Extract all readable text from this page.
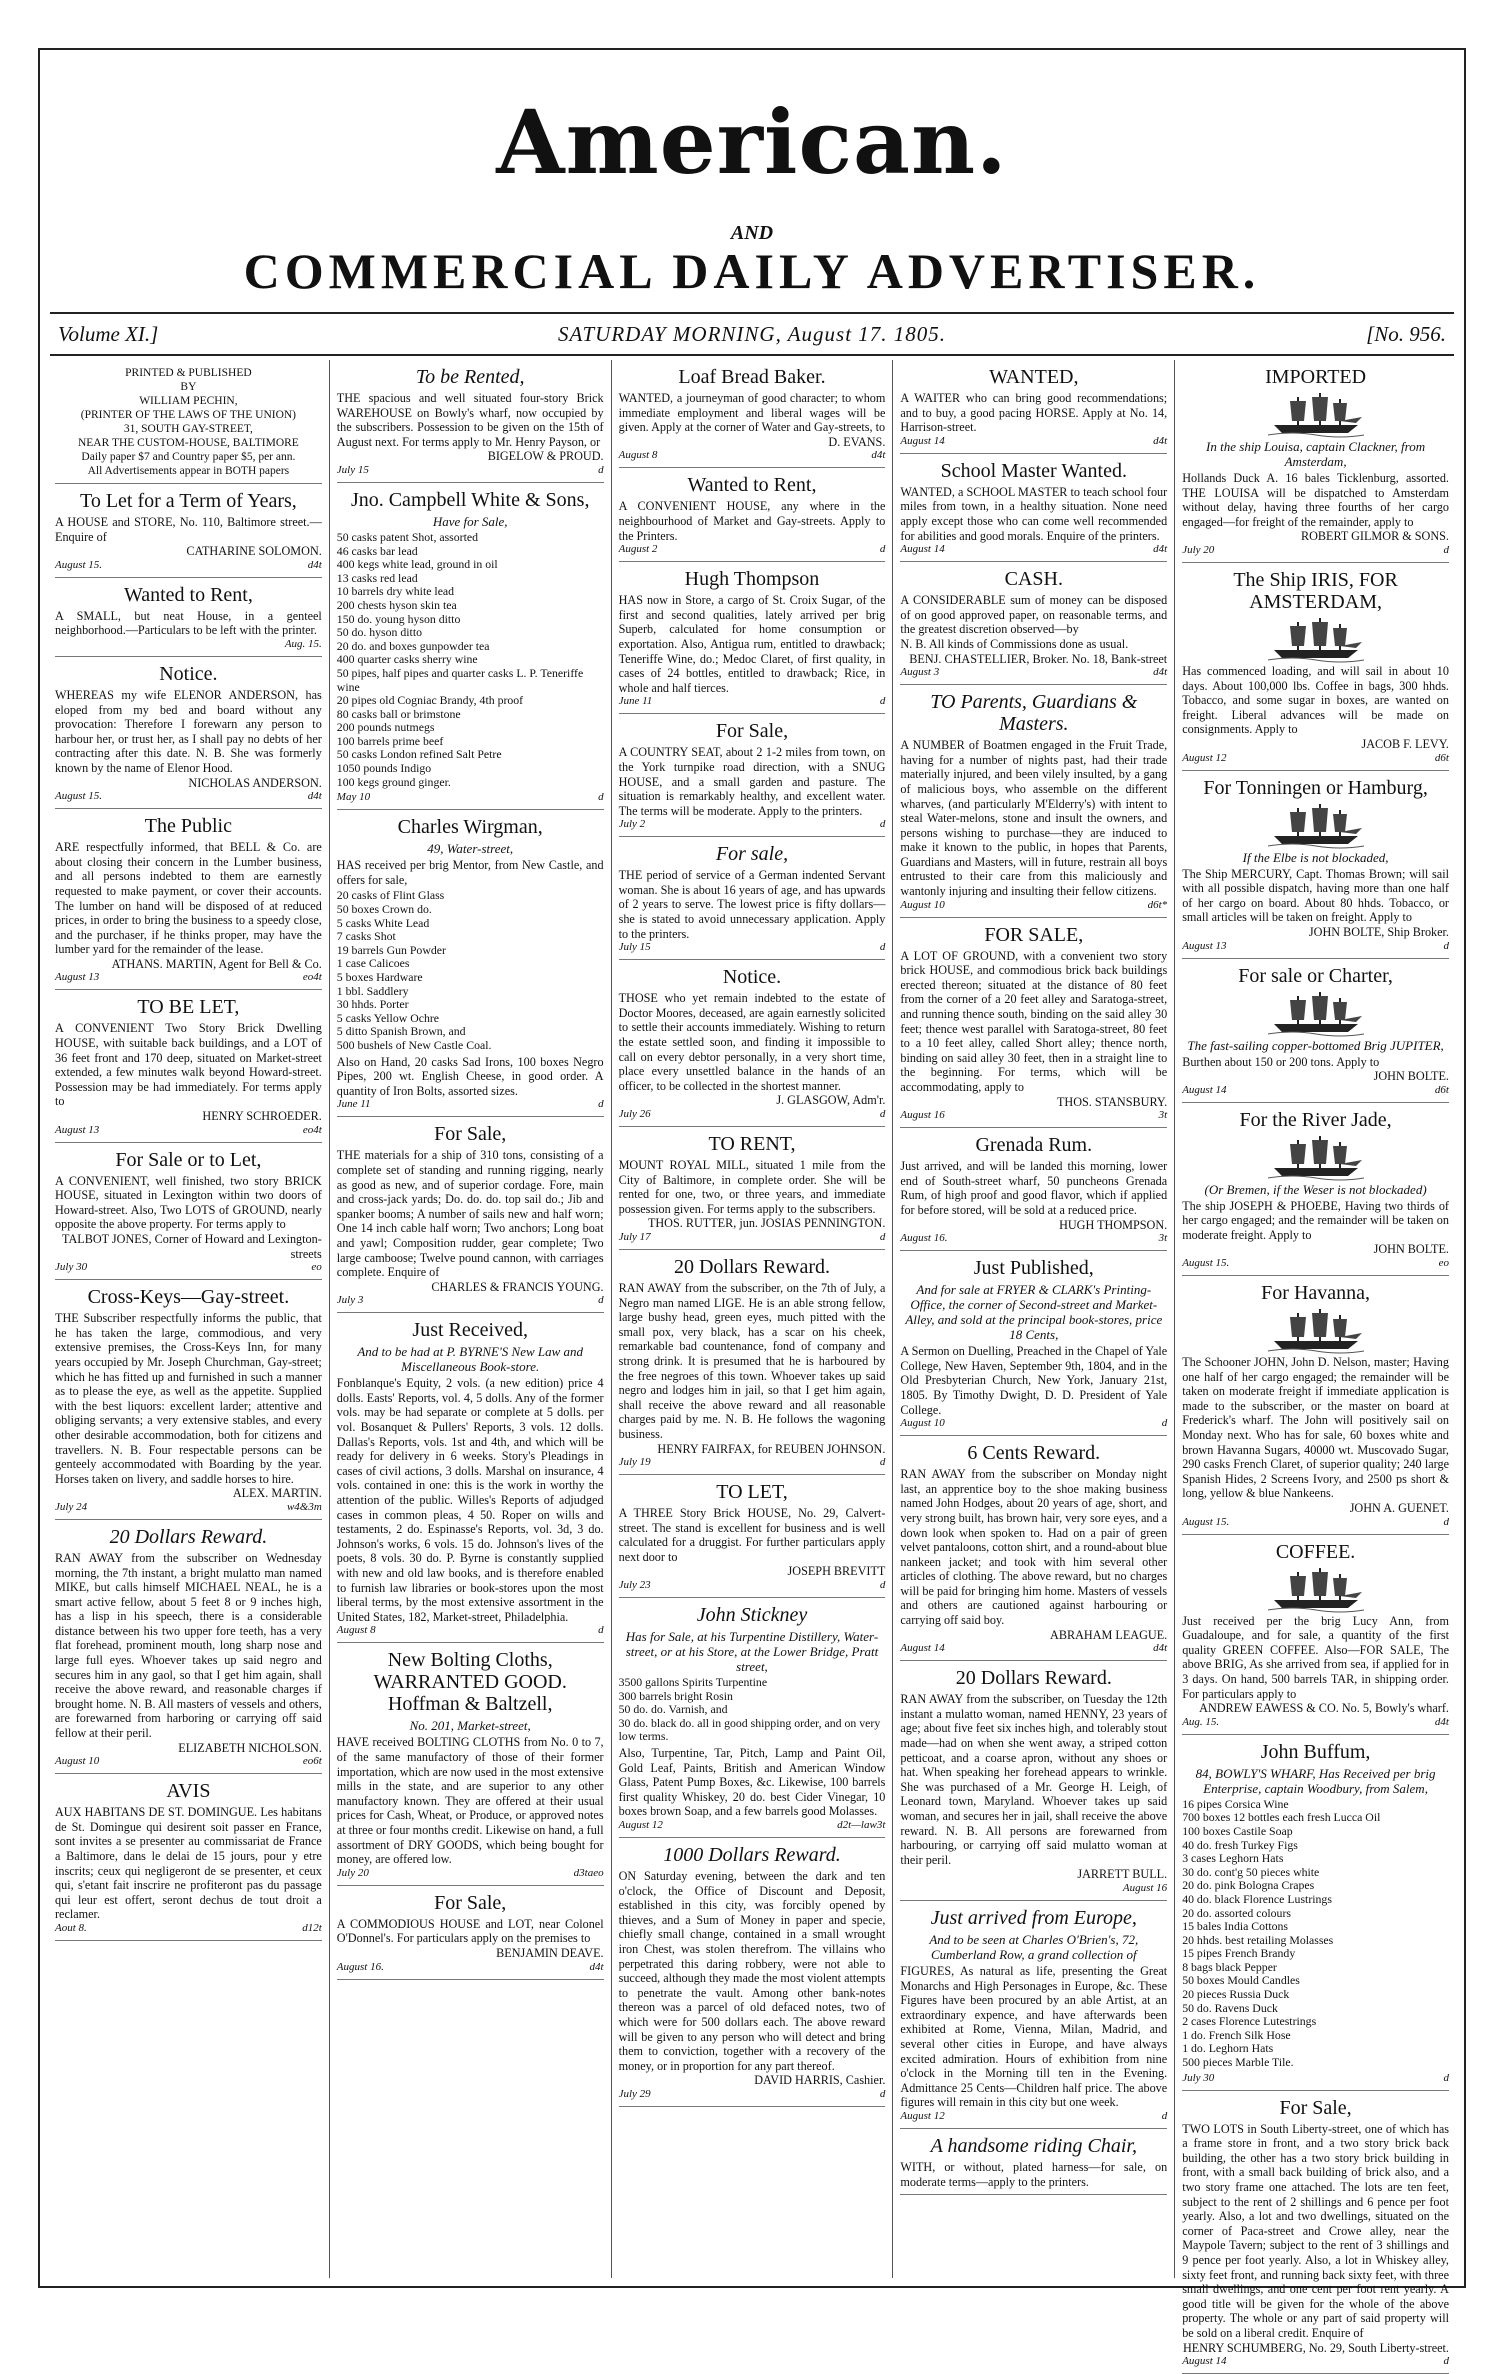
American.
AND
COMMERCIAL DAILY ADVERTISER.
Volume XI.]	SATURDAY MORNING, August 17. 1805.	[No. 956.

PRINTED & PUBLISHED

BY

WILLIAM PECHIN,

(PRINTER OF THE LAWS OF THE UNION)

31, SOUTH GAY-STREET,

NEAR THE CUSTOM-HOUSE, BALTIMORE

Daily paper $7 and Country paper $5, per ann.

All Advertisements appear in BOTH papers

To Let for a Term of Years,

A HOUSE and STORE, No. 110, Baltimore street.—Enquire of

CATHARINE SOLOMON.
August 15.	d4t
Wanted to Rent,

A SMALL, but neat House, in a genteel neighborhood.—Particulars to be left with the printer.

Aug. 15.
Notice.

WHEREAS my wife ELENOR ANDERSON, has eloped from my bed and board without any provocation: Therefore I forewarn any person to harbour her, or trust her, as I shall pay no debts of her contracting after this date. N. B. She was formerly known by the name of Elenor Hood.

NICHOLAS ANDERSON.
August 15.	d4t
The Public

ARE respectfully informed, that BELL & Co. are about closing their concern in the Lumber business, and all persons indebted to them are earnestly requested to make payment, or cover their accounts. The lumber on hand will be disposed of at reduced prices, in order to bring the business to a speedy close, and the purchaser, if he thinks proper, may have the lumber yard for the remainder of the lease.

ATHANS. MARTIN, Agent for Bell & Co.
August 13	eo4t
TO BE LET,

A CONVENIENT Two Story Brick Dwelling HOUSE, with suitable back buildings, and a LOT of 36 feet front and 170 deep, situated on Market-street extended, a few minutes walk beyond Howard-street. Possession may be had immediately. For terms apply to

HENRY SCHROEDER.
August 13	eo4t
For Sale or to Let,

A CONVENIENT, well finished, two story BRICK HOUSE, situated in Lexington within two doors of Howard-street. Also, Two LOTS of GROUND, nearly opposite the above property. For terms apply to

TALBOT JONES, Corner of Howard and Lexington-streets
July 30	eo
Cross-Keys—Gay-street.

THE Subscriber respectfully informs the public, that he has taken the large, commodious, and very extensive premises, the Cross-Keys Inn, for many years occupied by Mr. Joseph Churchman, Gay-street; which he has fitted up and furnished in such a manner as to please the eye, as well as the appetite. Supplied with the best liquors: excellent larder; attentive and obliging servants; a very extensive stables, and every other desirable accommodation, both for citizens and travellers. N. B. Four respectable persons can be genteely accommodated with Boarding by the year. Horses taken on livery, and saddle horses to hire.

ALEX. MARTIN.
July 24	w4&3m
20 Dollars Reward.

RAN AWAY from the subscriber on Wednesday morning, the 7th instant, a bright mulatto man named MIKE, but calls himself MICHAEL NEAL, he is a smart active fellow, about 5 feet 8 or 9 inches high, has a lisp in his speech, there is a considerable distance between his two upper fore teeth, has a very flat forehead, prominent mouth, long sharp nose and large full eyes. Whoever takes up said negro and secures him in any gaol, so that I get him again, shall receive the above reward, and reasonable charges if brought home. N. B. All masters of vessels and others, are forewarned from harboring or carrying off said fellow at their peril.

ELIZABETH NICHOLSON.
August 10	eo6t
AVIS

AUX HABITANS DE ST. DOMINGUE. Les habitans de St. Domingue qui desirent soit passer en France, sont invites a se presenter au commissariat de France a Baltimore, dans le delai de 15 jours, pour y etre inscrits; ceux qui negligeront de se presenter, et ceux qui, s'etant fait inscrire ne profiteront pas du passage qui leur est offert, seront dechus de tout droit a reclamer.

Aout 8.	d12t
To be Rented,

THE spacious and well situated four-story Brick WAREHOUSE on Bowly's wharf, now occupied by the subscribers. Possession to be given on the 15th of August next. For terms apply to Mr. Henry Payson, or

BIGELOW & PROUD.
July 15	d
Jno. Campbell White & Sons,
Have for Sale,
50 casks patent Shot, assorted
46 casks bar lead
400 kegs white lead, ground in oil
13 casks red lead
10 barrels dry white lead
200 chests hyson skin tea
150 do. young hyson ditto
50 do. hyson ditto
20 do. and boxes gunpowder tea
400 quarter casks sherry wine
50 pipes, half pipes and quarter casks L. P. Teneriffe wine
20 pipes old Cogniac Brandy, 4th proof
80 casks ball or brimstone
200 pounds nutmegs
100 barrels prime beef
50 casks London refined Salt Petre
1050 pounds Indigo
100 kegs ground ginger.
May 10	d
Charles Wirgman,
49, Water-street,

HAS received per brig Mentor, from New Castle, and offers for sale,

20 casks of Flint Glass
50 boxes Crown do.
5 casks White Lead
7 casks Shot
19 barrels Gun Powder
1 case Calicoes
5 boxes Hardware
1 bbl. Saddlery
30 hhds. Porter
5 casks Yellow Ochre
5 ditto Spanish Brown, and
500 bushels of New Castle Coal.

Also on Hand, 20 casks Sad Irons, 100 boxes Negro Pipes, 200 wt. English Cheese, in good order. A quantity of Iron Bolts, assorted sizes.

June 11	d
For Sale,

THE materials for a ship of 310 tons, consisting of a complete set of standing and running rigging, nearly as good as new, and of superior cordage. Fore, main and cross-jack yards; Do. do. do. top sail do.; Jib and spanker booms; A number of sails new and half worn; One 14 inch cable half worn; Two anchors; Long boat and yawl; Composition rudder, gear complete; Two large camboose; Twelve pound cannon, with carriages complete. Enquire of

CHARLES & FRANCIS YOUNG.
July 3	d
Just Received,
And to be had at P. BYRNE'S New Law and Miscellaneous Book-store.

Fonblanque's Equity, 2 vols. (a new edition) price 4 dolls. Easts' Reports, vol. 4, 5 dolls. Any of the former vols. may be had separate or complete at 5 dolls. per vol. Bosanquet & Pullers' Reports, 3 vols. 12 dolls. Dallas's Reports, vols. 1st and 4th, and which will be ready for delivery in 6 weeks. Story's Pleadings in cases of civil actions, 3 dolls. Marshal on insurance, 4 vols. contained in one: this is the work in worthy the attention of the public. Willes's Reports of adjudged cases in common pleas, 4 50. Roper on wills and testaments, 2 do. Espinasse's Reports, vol. 3d, 3 do. Johnson's works, 6 vols. 15 do. Johnson's lives of the poets, 8 vols. 30 do. P. Byrne is constantly supplied with new and old law books, and is therefore enabled to furnish law libraries or book-stores upon the most liberal terms, by the most extensive assortment in the United States, 182, Market-street, Philadelphia.

August 8	d
New Bolting Cloths, WARRANTED GOOD. Hoffman & Baltzell,
No. 201, Market-street,

HAVE received BOLTING CLOTHS from No. 0 to 7, of the same manufactory of those of their former importation, which are now used in the most extensive mills in the state, and are superior to any other manufactory known. They are offered at their usual prices for Cash, Wheat, or Produce, or approved notes at three or four months credit. Likewise on hand, a full assortment of DRY GOODS, which being bought for money, are offered low.

July 20	d3taeo
For Sale,

A COMMODIOUS HOUSE and LOT, near Colonel O'Donnel's. For particulars apply on the premises to

BENJAMIN DEAVE.
August 16.	d4t
Loaf Bread Baker.

WANTED, a journeyman of good character; to whom immediate employment and liberal wages will be given. Apply at the corner of Water and Gay-streets, to

D. EVANS.
August 8	d4t
Wanted to Rent,

A CONVENIENT HOUSE, any where in the neighbourhood of Market and Gay-streets. Apply to the Printers.

August 2	d
Hugh Thompson

HAS now in Store, a cargo of St. Croix Sugar, of the first and second qualities, lately arrived per brig Superb, calculated for home consumption or exportation. Also, Antigua rum, entitled to drawback; Teneriffe Wine, do.; Medoc Claret, of first quality, in cases of 24 bottles, entitled to drawback; Rice, in whole and half tierces.

June 11	d
For Sale,

A COUNTRY SEAT, about 2 1-2 miles from town, on the York turnpike road direction, with a SNUG HOUSE, and a small garden and pasture. The situation is remarkably healthy, and excellent water. The terms will be moderate. Apply to the printers.

July 2	d
For sale,

THE period of service of a German indented Servant woman. She is about 16 years of age, and has upwards of 2 years to serve. The lowest price is fifty dollars—she is stated to avoid unnecessary application. Apply to the printers.

July 15	d
Notice.

THOSE who yet remain indebted to the estate of Doctor Moores, deceased, are again earnestly solicited to settle their accounts immediately. Wishing to return the estate settled soon, and finding it impossible to call on every debtor personally, in a very short time, place every unsettled balance in the hands of an officer, to be collected in the shortest manner.

J. GLASGOW, Adm'r.
July 26	d
TO RENT,

MOUNT ROYAL MILL, situated 1 mile from the City of Baltimore, in complete order. She will be rented for one, two, or three years, and immediate possession given. For terms apply to the subscribers.

THOS. RUTTER, jun. JOSIAS PENNINGTON.
July 17	d
20 Dollars Reward.

RAN AWAY from the subscriber, on the 7th of July, a Negro man named LIGE. He is an able strong fellow, large bushy head, green eyes, much pitted with the small pox, very black, has a scar on his cheek, remarkable bad countenance, fond of company and strong drink. It is presumed that he is harboured by the free negroes of this town. Whoever takes up said negro and lodges him in jail, so that I get him again, shall receive the above reward and all reasonable charges paid by me. N. B. He follows the wagoning business.

HENRY FAIRFAX, for REUBEN JOHNSON.
July 19	d
TO LET,

A THREE Story Brick HOUSE, No. 29, Calvert-street. The stand is excellent for business and is well calculated for a druggist. For further particulars apply next door to

JOSEPH BREVITT
July 23	d
John Stickney
Has for Sale, at his Turpentine Distillery, Water-street, or at his Store, at the Lower Bridge, Pratt street,
3500 gallons Spirits Turpentine
300 barrels bright Rosin
50 do. do. Varnish, and
30 do. black do. all in good shipping order, and on very low terms.

Also, Turpentine, Tar, Pitch, Lamp and Paint Oil, Gold Leaf, Paints, British and American Window Glass, Patent Pump Boxes, &c. Likewise, 100 barrels first quality Whiskey, 20 do. best Cider Vinegar, 10 boxes brown Soap, and a few barrels good Molasses.

August 12	d2t—law3t
1000 Dollars Reward.

ON Saturday evening, between the dark and ten o'clock, the Office of Discount and Deposit, established in this city, was forcibly opened by thieves, and a Sum of Money in paper and specie, chiefly small change, contained in a small wrought iron Chest, was stolen therefrom. The villains who perpetrated this daring robbery, were not able to succeed, although they made the most violent attempts to penetrate the vault. Among other bank-notes thereon was a parcel of old defaced notes, two of which were for 500 dollars each. The above reward will be given to any person who will detect and bring them to conviction, together with a recovery of the money, or in proportion for any part thereof.

DAVID HARRIS, Cashier.
July 29	d
WANTED,

A WAITER who can bring good recommendations; and to buy, a good pacing HORSE. Apply at No. 14, Harrison-street.

August 14	d4t
School Master Wanted.

WANTED, a SCHOOL MASTER to teach school four miles from town, in a healthy situation. None need apply except those who can come well recommended for abilities and good morals. Enquire of the printers.

August 14	d4t
CASH.

A CONSIDERABLE sum of money can be disposed of on good approved paper, on reasonable terms, and the greatest discretion observed—by

N. B. All kinds of Commissions done as usual.

BENJ. CHASTELLIER, Broker. No. 18, Bank-street
August 3	d4t
TO Parents, Guardians & Masters.

A NUMBER of Boatmen engaged in the Fruit Trade, having for a number of nights past, had their trade materially injured, and been vilely insulted, by a gang of malicious boys, who assemble on the different wharves, (and particularly M'Elderry's) with intent to steal Water-melons, stone and insult the owners, and persons wishing to purchase—they are induced to make it known to the public, in hopes that Parents, Guardians and Masters, will in future, restrain all boys entrusted to their care from this maliciously and wantonly injuring and insulting their fellow citizens.

August 10	d6t*
FOR SALE,

A LOT OF GROUND, with a convenient two story brick HOUSE, and commodious brick back buildings erected thereon; situated at the distance of 80 feet from the corner of a 20 feet alley and Saratoga-street, and running thence south, binding on the said alley 30 feet; thence west parallel with Saratoga-street, 80 feet to a 10 feet alley, called Short alley; thence north, binding on said alley 30 feet, then in a straight line to the beginning. For terms, which will be accommodating, apply to

THOS. STANSBURY.
August 16	3t
Grenada Rum.

Just arrived, and will be landed this morning, lower end of South-street wharf, 50 puncheons Grenada Rum, of high proof and good flavor, which if applied for before stored, will be sold at a reduced price.

HUGH THOMPSON.
August 16.	3t
Just Published,
And for sale at FRYER & CLARK's Printing-Office, the corner of Second-street and Market-Alley, and sold at the principal book-stores, price 18 Cents,

A Sermon on Duelling, Preached in the Chapel of Yale College, New Haven, September 9th, 1804, and in the Old Presbyterian Church, New York, January 21st, 1805. By Timothy Dwight, D. D. President of Yale College.

August 10	d
6 Cents Reward.

RAN AWAY from the subscriber on Monday night last, an apprentice boy to the shoe making business named John Hodges, about 20 years of age, short, and very strong built, has brown hair, very sore eyes, and a down look when spoken to. Had on a pair of green velvet pantaloons, cotton shirt, and a round-about blue nankeen jacket; and took with him several other articles of clothing. The above reward, but no charges will be paid for bringing him home. Masters of vessels and others are cautioned against harbouring or carrying off said boy.

ABRAHAM LEAGUE.
August 14	d4t
20 Dollars Reward.

RAN AWAY from the subscriber, on Tuesday the 12th instant a mulatto woman, named HENNY, 23 years of age; about five feet six inches high, and tolerably stout made—had on when she went away, a striped cotton petticoat, and a coarse apron, without any shoes or hat. When speaking her forehead appears to wrinkle. She was purchased of a Mr. George H. Leigh, of Leonard town, Maryland. Whoever takes up said woman, and secures her in jail, shall receive the above reward. N. B. All persons are forewarned from harbouring, or carrying off said mulatto woman at their peril.

JARRETT BULL.
August 16
Just arrived from Europe,
And to be seen at Charles O'Brien's, 72, Cumberland Row, a grand collection of

FIGURES, As natural as life, presenting the Great Monarchs and High Personages in Europe, &c. These Figures have been procured by an able Artist, at an extraordinary expence, and have afterwards been exhibited at Rome, Vienna, Milan, Madrid, and several other cities in Europe, and have always excited admiration. Hours of exhibition from nine o'clock in the Morning till ten in the Evening. Admittance 25 Cents—Children half price. The above figures will remain in this city but one week.

August 12	d
A handsome riding Chair,

WITH, or without, plated harness—for sale, on moderate terms—apply to the printers.

IMPORTED
In the ship Louisa, captain Clackner, from Amsterdam,

Hollands Duck A. 16 bales Ticklenburg, assorted. THE LOUISA will be dispatched to Amsterdam without delay, having three fourths of her cargo engaged—for freight of the remainder, apply to

ROBERT GILMOR & SONS.
July 20	d
The Ship IRIS, FOR AMSTERDAM,

Has commenced loading, and will sail in about 10 days. About 100,000 lbs. Coffee in bags, 300 hhds. Tobacco, and some sugar in boxes, are wanted on freight. Liberal advances will be made on consignments. Apply to

JACOB F. LEVY.
August 12	d6t
For Tonningen or Hamburg,
If the Elbe is not blockaded,

The Ship MERCURY, Capt. Thomas Brown; will sail with all possible dispatch, having more than one half of her cargo on board. About 80 hhds. Tobacco, or small articles will be taken on freight. Apply to

JOHN BOLTE, Ship Broker.
August 13	d
For sale or Charter,
The fast-sailing copper-bottomed Brig JUPITER,

Burthen about 150 or 200 tons. Apply to

JOHN BOLTE.
August 14	d6t
For the River Jade,
(Or Bremen, if the Weser is not blockaded)

The ship JOSEPH & PHOEBE, Having two thirds of her cargo engaged; and the remainder will be taken on moderate freight. Apply to

JOHN BOLTE.
August 15.	eo
For Havanna,

The Schooner JOHN, John D. Nelson, master; Having one half of her cargo engaged; the remainder will be taken on moderate freight if immediate application is made to the subscriber, or the master on board at Frederick's wharf. The John will positively sail on Monday next. Who has for sale, 60 boxes white and brown Havanna Sugars, 40000 wt. Muscovado Sugar, 290 casks French Claret, of superior quality; 240 large Spanish Hides, 2 Screens Ivory, and 2500 ps short & long, yellow & blue Nankeens.

JOHN A. GUENET.
August 15.	d
COFFEE.

Just received per the brig Lucy Ann, from Guadaloupe, and for sale, a quantity of the first quality GREEN COFFEE. Also—FOR SALE, The above BRIG, As she arrived from sea, if applied for in 3 days. On hand, 500 barrels TAR, in shipping order. For particulars apply to

ANDREW EAWESS & CO. No. 5, Bowly's wharf.
Aug. 15.	d4t
John Buffum,
84, BOWLY'S WHARF, Has Received per brig Enterprise, captain Woodbury, from Salem,
16 pipes Corsica Wine
700 boxes 12 bottles each fresh Lucca Oil
100 boxes Castile Soap
40 do. fresh Turkey Figs
3 cases Leghorn Hats
30 do. cont'g 50 pieces white
20 do. pink Bologna Crapes
40 do. black Florence Lustrings
20 do. assorted colours
15 bales India Cottons
20 hhds. best retailing Molasses
15 pipes French Brandy
8 bags black Pepper
50 boxes Mould Candles
20 pieces Russia Duck
50 do. Ravens Duck
2 cases Florence Lutestrings
1 do. French Silk Hose
1 do. Leghorn Hats
500 pieces Marble Tile.
July 30	d
For Sale,

TWO LOTS in South Liberty-street, one of which has a frame store in front, and a two story brick back building, the other has a two story brick building in front, with a small back building of brick also, and a two story frame one attached. The lots are ten feet, subject to the rent of 2 shillings and 6 pence per foot yearly. Also, a lot and two dwellings, situated on the corner of Paca-street and Crowe alley, near the Maypole Tavern; subject to the rent of 3 shillings and 9 pence per foot yearly. Also, a lot in Whiskey alley, sixty feet front, and running back sixty feet, with three small dwellings, and one cent per foot rent yearly. A good title will be given for the whole of the above property. The whole or any part of said property will be sold on a liberal credit. Enquire of

HENRY SCHUMBERG, No. 29, South Liberty-street.
August 14	d
